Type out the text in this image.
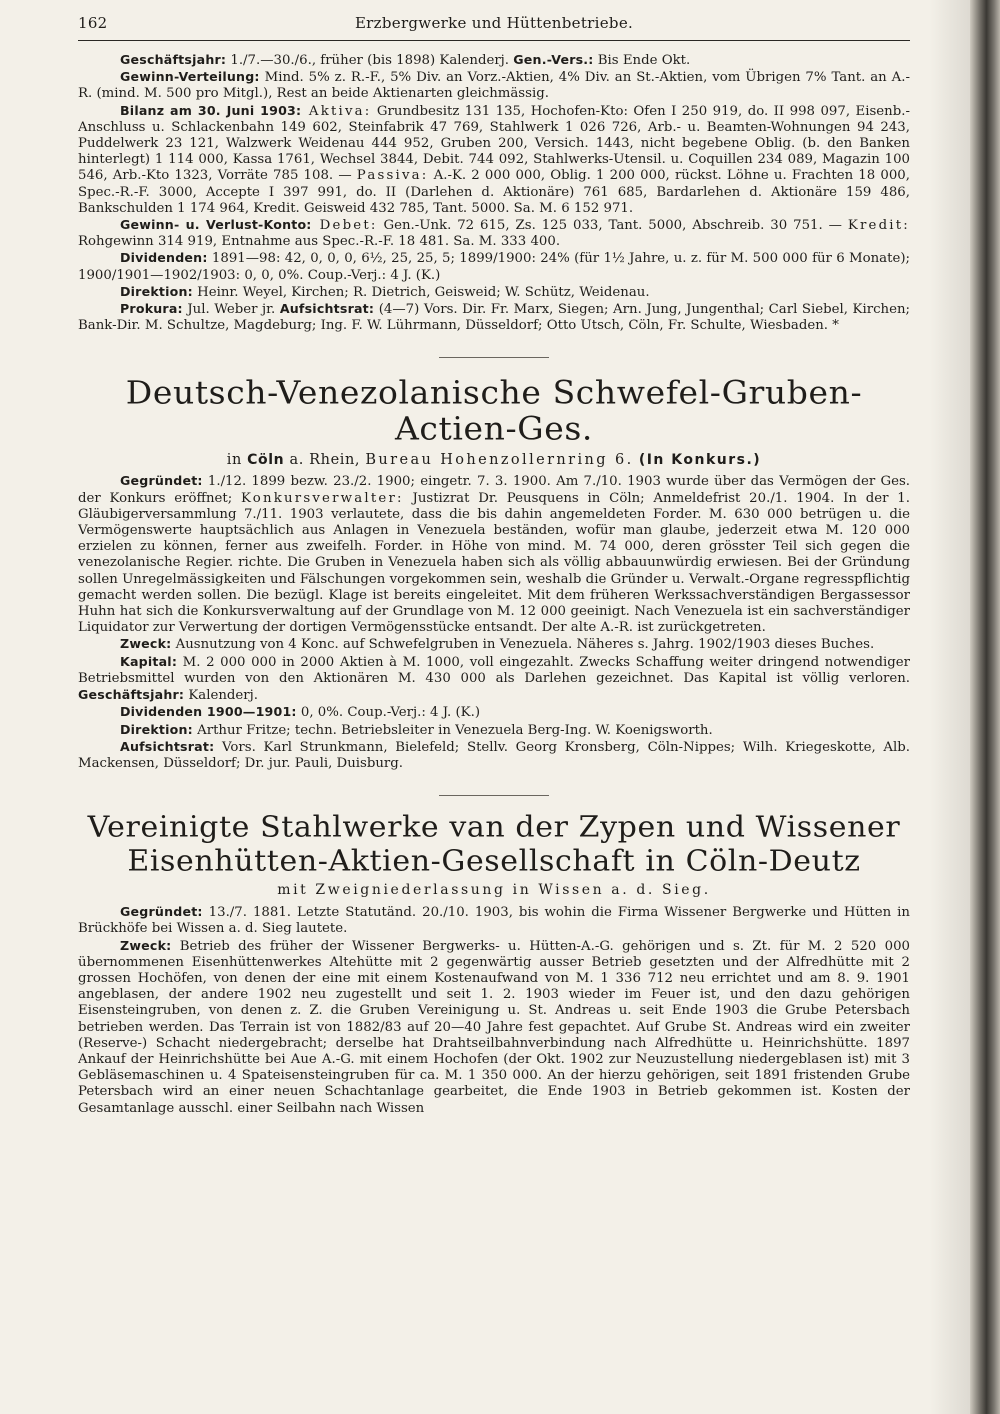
162	Erzbergwerke und Hüttenbetriebe.

Geschäftsjahr: 1./7.—30./6., früher (bis 1898) Kalenderj. Gen.-Vers.: Bis Ende Okt.

Gewinn-Verteilung: Mind. 5% z. R.-F., 5% Div. an Vorz.-Aktien, 4% Div. an St.-Aktien, vom Übrigen 7% Tant. an A.-R. (mind. M. 500 pro Mitgl.), Rest an beide Aktienarten gleichmässig.

Bilanz am 30. Juni 1903: Aktiva: Grundbesitz 131 135, Hochofen-Kto: Ofen I 250 919, do. II 998 097, Eisenb.-Anschluss u. Schlackenbahn 149 602, Steinfabrik 47 769, Stahlwerk 1 026 726, Arb.- u. Beamten-Wohnungen 94 243, Puddelwerk 23 121, Walzwerk Weidenau 444 952, Gruben 200, Versich. 1443, nicht begebene Oblig. (b. den Banken hinterlegt) 1 114 000, Kassa 1761, Wechsel 3844, Debit. 744 092, Stahlwerks-Utensil. u. Coquillen 234 089, Magazin 100 546, Arb.-Kto 1323, Vorräte 785 108. — Passiva: A.-K. 2 000 000, Oblig. 1 200 000, rückst. Löhne u. Frachten 18 000, Spec.-R.-F. 3000, Accepte I 397 991, do. II (Darlehen d. Aktionäre) 761 685, Bardarlehen d. Aktionäre 159 486, Bankschulden 1 174 964, Kredit. Geisweid 432 785, Tant. 5000. Sa. M. 6 152 971.

Gewinn- u. Verlust-Konto: Debet: Gen.-Unk. 72 615, Zs. 125 033, Tant. 5000, Abschreib. 30 751. — Kredit: Rohgewinn 314 919, Entnahme aus Spec.-R.-F. 18 481. Sa. M. 333 400.

Dividenden: 1891—98: 42, 0, 0, 0, 6½, 25, 25, 5; 1899/1900: 24% (für 1½ Jahre, u. z. für M. 500 000 für 6 Monate); 1900/1901—1902/1903: 0, 0, 0%. Coup.-Verj.: 4 J. (K.)

Direktion: Heinr. Weyel, Kirchen; R. Dietrich, Geisweid; W. Schütz, Weidenau.

Prokura: Jul. Weber jr. Aufsichtsrat: (4—7) Vors. Dir. Fr. Marx, Siegen; Arn. Jung, Jungenthal; Carl Siebel, Kirchen; Bank-Dir. M. Schultze, Magdeburg; Ing. F. W. Lührmann, Düsseldorf; Otto Utsch, Cöln, Fr. Schulte, Wiesbaden. *

Deutsch-Venezolanische Schwefel-Gruben-Actien-Ges.
in Cöln a. Rhein, Bureau Hohenzollernring 6. (In Konkurs.)

Gegründet: 1./12. 1899 bezw. 23./2. 1900; eingetr. 7. 3. 1900. Am 7./10. 1903 wurde über das Vermögen der Ges. der Konkurs eröffnet; Konkursverwalter: Justizrat Dr. Peusquens in Cöln; Anmeldefrist 20./1. 1904. In der 1. Gläubigerversammlung 7./11. 1903 verlautete, dass die bis dahin angemeldeten Forder. M. 630 000 betrügen u. die Vermögenswerte hauptsächlich aus Anlagen in Venezuela beständen, wofür man glaube, jederzeit etwa M. 120 000 erzielen zu können, ferner aus zweifelh. Forder. in Höhe von mind. M. 74 000, deren grösster Teil sich gegen die venezolanische Regier. richte. Die Gruben in Venezuela haben sich als völlig abbauunwürdig erwiesen. Bei der Gründung sollen Unregelmässigkeiten und Fälschungen vorgekommen sein, weshalb die Gründer u. Verwalt.-Organe regresspflichtig gemacht werden sollen. Die bezügl. Klage ist bereits eingeleitet. Mit dem früheren Werkssachverständigen Bergassessor Huhn hat sich die Konkursverwaltung auf der Grundlage von M. 12 000 geeinigt. Nach Venezuela ist ein sachverständiger Liquidator zur Verwertung der dortigen Vermögensstücke entsandt. Der alte A.-R. ist zurückgetreten.

Zweck: Ausnutzung von 4 Konc. auf Schwefelgruben in Venezuela. Näheres s. Jahrg. 1902/1903 dieses Buches.

Kapital: M. 2 000 000 in 2000 Aktien à M. 1000, voll eingezahlt. Zwecks Schaffung weiter dringend notwendiger Betriebsmittel wurden von den Aktionären M. 430 000 als Darlehen gezeichnet. Das Kapital ist völlig verloren. Geschäftsjahr: Kalenderj.

Dividenden 1900—1901: 0, 0%. Coup.-Verj.: 4 J. (K.)

Direktion: Arthur Fritze; techn. Betriebsleiter in Venezuela Berg-Ing. W. Koenigsworth.

Aufsichtsrat: Vors. Karl Strunkmann, Bielefeld; Stellv. Georg Kronsberg, Cöln-Nippes; Wilh. Kriegeskotte, Alb. Mackensen, Düsseldorf; Dr. jur. Pauli, Duisburg.

Vereinigte Stahlwerke van der Zypen und Wissener
Eisenhütten-Aktien-Gesellschaft in Cöln-Deutz
mit Zweigniederlassung in Wissen a. d. Sieg.

Gegründet: 13./7. 1881. Letzte Statutänd. 20./10. 1903, bis wohin die Firma Wissener Bergwerke und Hütten in Brückhöfe bei Wissen a. d. Sieg lautete.

Zweck: Betrieb des früher der Wissener Bergwerks- u. Hütten-A.-G. gehörigen und s. Zt. für M. 2 520 000 übernommenen Eisenhüttenwerkes Altehütte mit 2 gegenwärtig ausser Betrieb gesetzten und der Alfredhütte mit 2 grossen Hochöfen, von denen der eine mit einem Kostenaufwand von M. 1 336 712 neu errichtet und am 8. 9. 1901 angeblasen, der andere 1902 neu zugestellt und seit 1. 2. 1903 wieder im Feuer ist, und den dazu gehörigen Eisensteingruben, von denen z. Z. die Gruben Vereinigung u. St. Andreas u. seit Ende 1903 die Grube Petersbach betrieben werden. Das Terrain ist von 1882/83 auf 20—40 Jahre fest gepachtet. Auf Grube St. Andreas wird ein zweiter (Reserve-) Schacht niedergebracht; derselbe hat Drahtseilbahnverbindung nach Alfredhütte u. Heinrichshütte. 1897 Ankauf der Heinrichshütte bei Aue A.-G. mit einem Hochofen (der Okt. 1902 zur Neuzustellung niedergeblasen ist) mit 3 Gebläsemaschinen u. 4 Spateisensteingruben für ca. M. 1 350 000. An der hierzu gehörigen, seit 1891 fristenden Grube Petersbach wird an einer neuen Schachtanlage gearbeitet, die Ende 1903 in Betrieb gekommen ist. Kosten der Gesamtanlage ausschl. einer Seilbahn nach Wissen
